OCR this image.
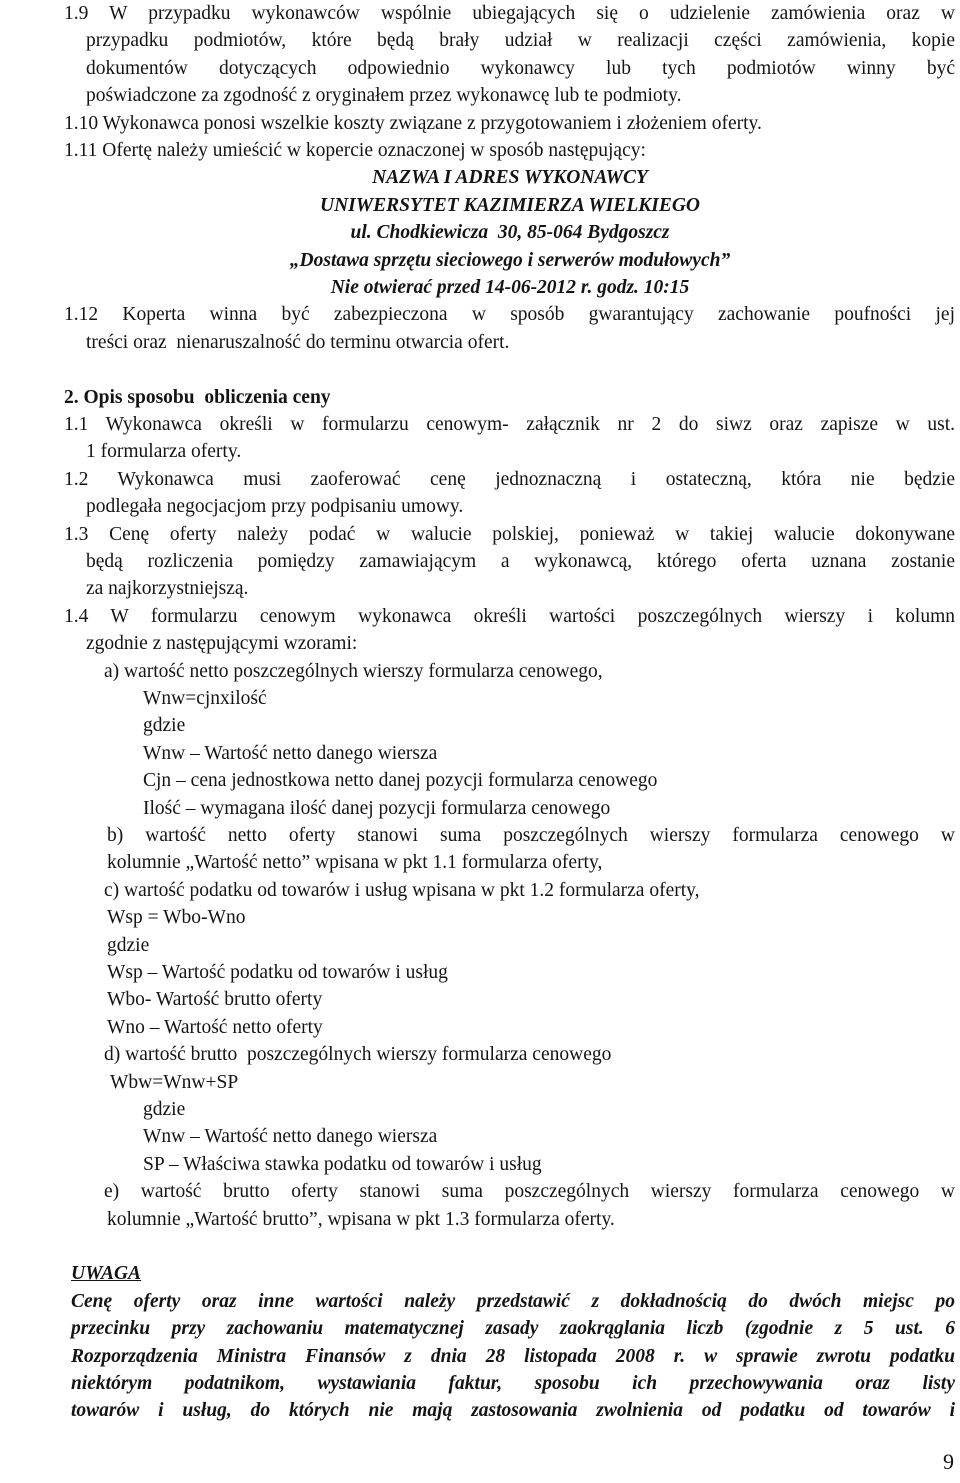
1.9 W przypadku wykonawców wspólnie ubiegających się o udzielenie zamówienia oraz w
przypadku podmiotów, które będą brały udział w realizacji części zamówienia, kopie
dokumentów dotyczących odpowiednio wykonawcy lub tych podmiotów winny być
poświadczone za zgodność z oryginałem przez wykonawcę lub te podmioty.
1.10 Wykonawca ponosi wszelkie koszty związane z przygotowaniem i złożeniem oferty.
1.11 Ofertę należy umieścić w kopercie oznaczonej w sposób następujący:
NAZWA I ADRES WYKONAWCY
UNIWERSYTET KAZIMIERZA WIELKIEGO
ul. Chodkiewicza  30, 85-064 Bydgoszcz
„Dostawa sprzętu sieciowego i serwerów modułowych”
Nie otwierać przed 14-06-2012 r. godz. 10:15
1.12 Koperta winna być zabezpieczona w sposób gwarantujący zachowanie poufności jej
treści oraz  nienaruszalność do terminu otwarcia ofert.
2. Opis sposobu  obliczenia ceny
1.1 Wykonawca określi w formularzu cenowym- załącznik nr 2 do siwz oraz zapisze w ust.
1 formularza oferty.
1.2 Wykonawca musi zaoferować cenę jednoznaczną i ostateczną, która nie będzie
podlegała negocjacjom przy podpisaniu umowy.
1.3 Cenę oferty należy podać w walucie polskiej, ponieważ w takiej walucie dokonywane
będą rozliczenia pomiędzy zamawiającym a wykonawcą, którego oferta uznana zostanie
za najkorzystniejszą.
1.4 W formularzu cenowym wykonawca określi wartości poszczególnych wierszy i kolumn
zgodnie z następującymi wzorami:
a) wartość netto poszczególnych wierszy formularza cenowego,
Wnw=cjnxilość
gdzie
Wnw – Wartość netto danego wiersza
Cjn – cena jednostkowa netto danej pozycji formularza cenowego
Ilość – wymagana ilość danej pozycji formularza cenowego
b) wartość netto oferty stanowi suma poszczególnych wierszy formularza cenowego w
kolumnie „Wartość netto” wpisana w pkt 1.1 formularza oferty,
c) wartość podatku od towarów i usług wpisana w pkt 1.2 formularza oferty,
Wsp = Wbo-Wno
gdzie
Wsp – Wartość podatku od towarów i usług
Wbo- Wartość brutto oferty
Wno – Wartość netto oferty
d) wartość brutto  poszczególnych wierszy formularza cenowego
Wbw=Wnw+SP
gdzie
Wnw – Wartość netto danego wiersza
SP – Właściwa stawka podatku od towarów i usług
e) wartość brutto oferty stanowi suma poszczególnych wierszy formularza cenowego w
kolumnie „Wartość brutto”, wpisana w pkt 1.3 formularza oferty.
UWAGA
Cenę oferty oraz inne wartości należy przedstawić z dokładnością do dwóch miejsc po
przecinku przy zachowaniu matematycznej zasady zaokrąglania liczb (zgodnie z 5 ust. 6
Rozporządzenia Ministra Finansów z dnia 28 listopada 2008 r. w sprawie zwrotu podatku
niektórym podatnikom, wystawiania faktur, sposobu ich przechowywania oraz listy
towarów i usług, do których nie mają zastosowania zwolnienia od podatku od towarów i
9
